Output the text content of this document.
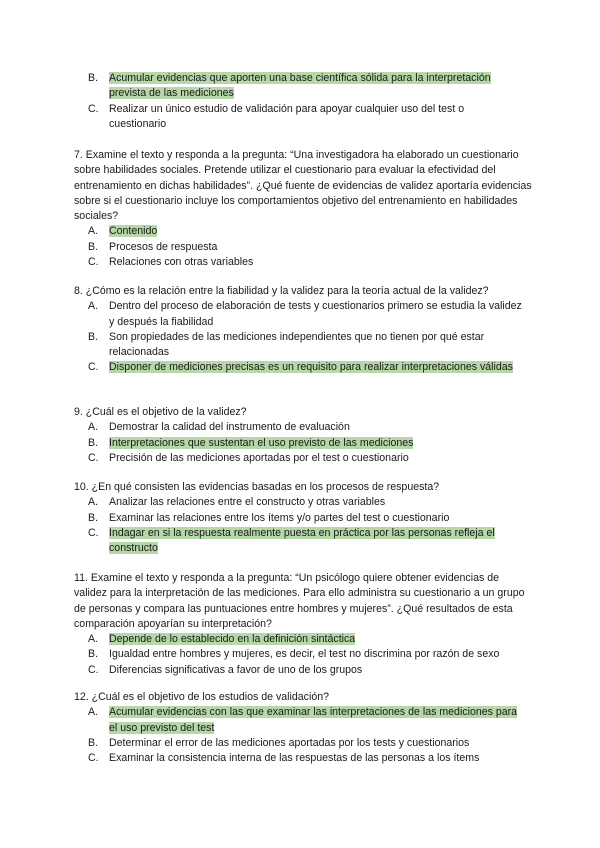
B.	Acumular evidencias que aporten una base científica sólida para la interpretación prevista de las mediciones
C. Realizar un único estudio de validación para apoyar cualquier uso del test o cuestionario

7. Examine el texto y responda a la pregunta: “Una investigadora ha elaborado un cuestionario sobre habilidades sociales. Pretende utilizar el cuestionario para evaluar la efectividad del entrenamiento en dichas habilidades”. ¿Qué fuente de evidencias de validez aportaría evidencias sobre si el cuestionario incluye los comportamientos objetivo del entrenamiento en habilidades sociales?

A.	Contenido
B.	Procesos de respuesta
C. Relaciones con otras variables

8. ¿Cómo es la relación entre la fiabilidad y la validez para la teoría actual de la validez?

A.	Dentro del proceso de elaboración de tests y cuestionarios primero se estudia la validez y después la fiabilidad
B.	Son propiedades de las mediciones independientes que no tienen por qué estar relacionadas
C. Disponer de mediciones precisas es un requisito para realizar interpretaciones válidas

9. ¿Cuál es el objetivo de la validez?

A.	Demostrar la calidad del instrumento de evaluación
B.	Interpretaciones que sustentan el uso previsto de las mediciones
C. Precisión de las mediciones aportadas por el test o cuestionario

10. ¿En qué consisten las evidencias basadas en los procesos de respuesta?

A.	Analizar las relaciones entre el constructo y otras variables
B.	Examinar las relaciones entre los ítems y/o partes del test o cuestionario
C. Indagar en si la respuesta realmente puesta en práctica por las personas refleja el constructo

11. Examine el texto y responda a la pregunta: “Un psicólogo quiere obtener evidencias de validez para la interpretación de las mediciones. Para ello administra su cuestionario a un grupo de personas y compara las puntuaciones entre hombres y mujeres”. ¿Qué resultados de esta comparación apoyarían su interpretación?

A.	Depende de lo establecido en la definición sintáctica
B.	Igualdad entre hombres y mujeres, es decir, el test no discrimina por razón de sexo
C. Diferencias significativas a favor de uno de los grupos

12. ¿Cuál es el objetivo de los estudios de validación?

A.	Acumular evidencias con las que examinar las interpretaciones de las mediciones para el uso previsto del test
B.	Determinar el error de las mediciones aportadas por los tests y cuestionarios
C. Examinar la consistencia interna de las respuestas de las personas a los ítems
